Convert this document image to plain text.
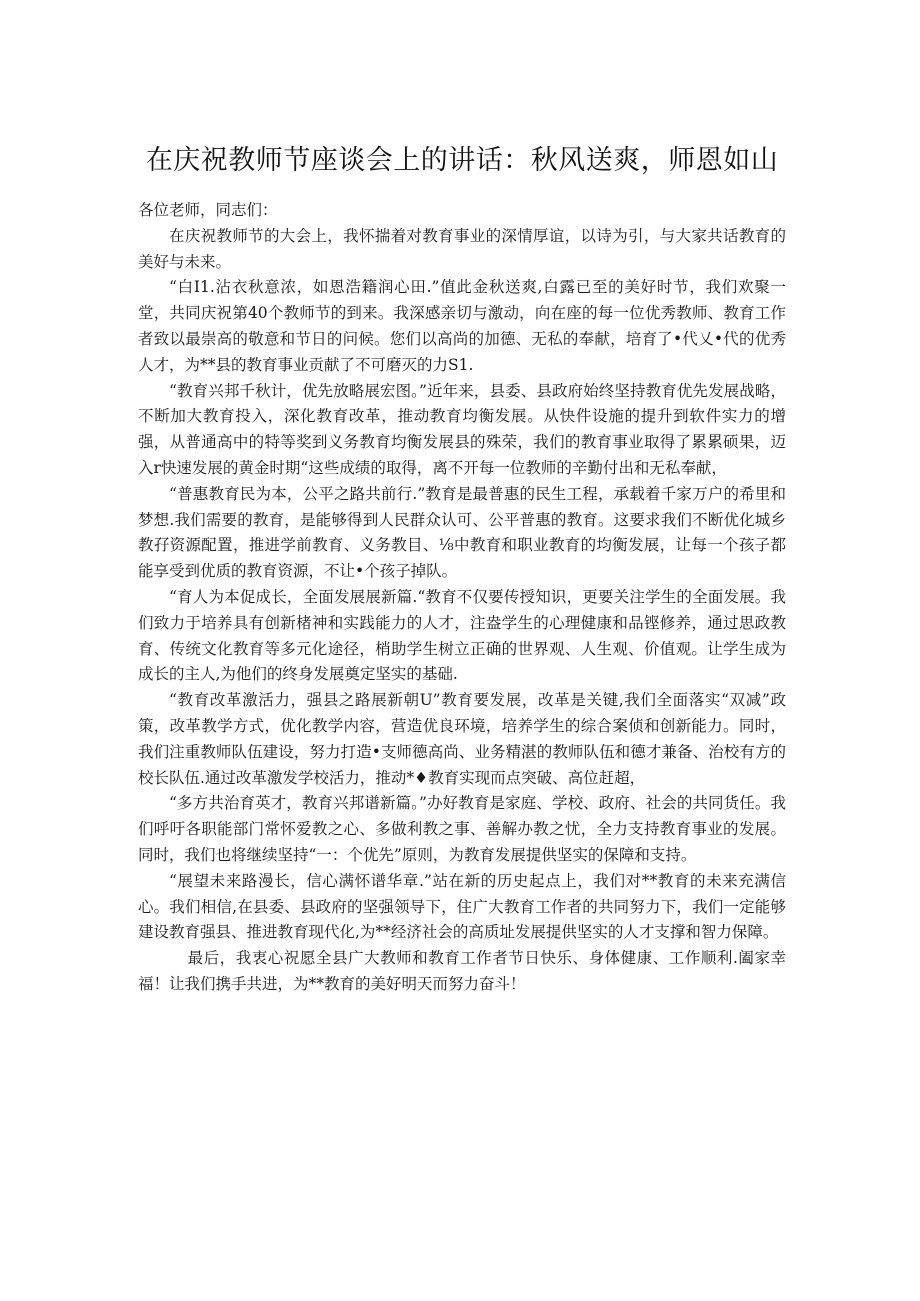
在庆祝教师节座谈会上的讲话：秋风送爽，师恩如山

各位老师，同志们：

在庆祝教师节的大会上，我怀揣着对教育事业的深情厚谊，以诗为引，与大家共话教育的美好与未来。

“白I1.沾衣秋意浓，如恩浩籍润心田.”值此金秋送爽,白露已至的美好时节，我们欢聚一堂，共同庆祝第40个教师节的到来。我深感亲切与激动，向在座的每一位优秀教师、教育工作者致以最崇高的敬意和节日的问候。您们以高尚的加德、无私的奉献，培育了•代乂•代的优秀人才，为**县的教育事业贡献了不可磨灭的力S1.

“教育兴邦千秋计，优先放略展宏图。”近年来，县委、县政府始终坚持教育优先发展战略，不断加大教育投入，深化教育改革，推动教育均衡发展。从快件设施的提升到软件实力的增强，从普通高中的特等奖到义务教育均衡发展县的殊荣，我们的教育事业取得了累累硕果，迈入r快速发展的黄金时期“这些成绩的取得，离不开每一位教师的辛勤付出和无私奉献，

“普惠教育民为本，公平之路共前行.”教育是最普惠的民生工程，承载着千家万户的希里和梦想.我们需要的教育，是能够得到人民群众认可、公平普惠的教育。这要求我们不断优化城乡教孖资源配置，推进学前教育、义务教目、⅛中教育和职业教育的均衡发展，让每一个孩子都能享受到优质的教育资源，不让•个孩子掉队。

“育人为本促成长，全面发展展新篇.“教育不仅要传授知识，更要关注学生的全面发展。我们致力于培养具有创新楮神和实践能力的人才，注盎学生的心理健康和品铿修养，通过思政教育、传统文化教育等多元化途径，梢助学生树立正确的世界观、人生观、价值观。让学生成为成长的主人,为他们的终身发展奠定坚实的基础.

“教育改革激活力，强县之路展新朝U”教育要发展，改革是关键,我们全面落实“双减”政策，改革教学方式，优化教学内容，营造优良环境，培养学生的综合案侦和创新能力。同时，我们注重教师队伍建设，努力打造•支师德高尚、业务精湛的教师队伍和德才兼备、治校有方的校长队伍.通过改革激发学校活力，推动*♦教育实现而点突破、高位赶超，

“多方共治育英才，教育兴邦谱新篇。”办好教育是家庭、学校、政府、社会的共同货任。我们呼吁各职能部门常怀爱教之心、多做利教之事、善解办教之忧，全力支持教育事业的发展。同时，我们也将继续坚持“一：个优先”原则，为教育发展提供坚实的保障和支持。

“展望未来路漫长，信心满怀谱华章.”站在新的历史起点上，我们对**教育的未来充满信心。我们相信,在县委、县政府的坚强领导下，住广大教育工作者的共同努力下，我们一定能够建设教育强县、推进教育现代化,为**经济社会的高质址发展提供坚实的人才支撑和智力保障。

最后，我衷心祝愿全县广大教师和教育工作者节日快乐、身体健康、工作顺利.阖家幸福！让我们携手共进，为**教育的美好明天而努力奋斗！
